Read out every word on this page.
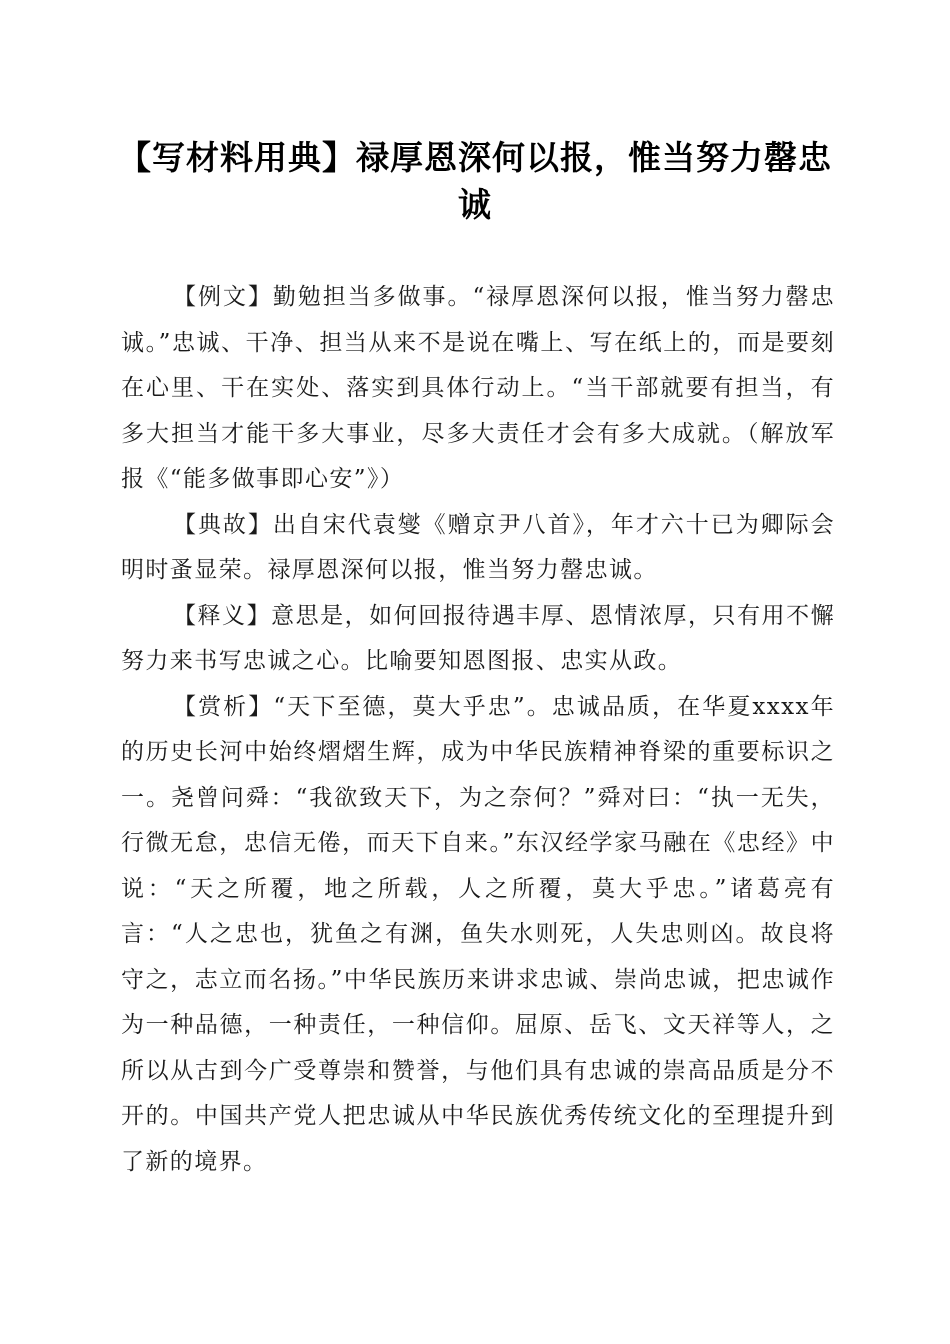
【写材料用典】禄厚恩深何以报，惟当努力罄忠诚

【例文】勤勉担当多做事。“禄厚恩深何以报，惟当努力罄忠诚。”忠诚、干净、担当从来不是说在嘴上、写在纸上的，而是要刻在心里、干在实处、落实到具体行动上。“当干部就要有担当，有多大担当才能干多大事业，尽多大责任才会有多大成就。（解放军报《“能多做事即心安”》）

【典故】出自宋代袁燮《赠京尹八首》，年才六十已为卿际会明时蚤显荣。禄厚恩深何以报，惟当努力罄忠诚。

【释义】意思是，如何回报待遇丰厚、恩情浓厚，只有用不懈努力来书写忠诚之心。比喻要知恩图报、忠实从政。

【赏析】“天下至德，莫大乎忠”。忠诚品质，在华夏xxxx年的历史长河中始终熠熠生辉，成为中华民族精神脊梁的重要标识之一。尧曾问舜：“我欲致天下，为之奈何？”舜对曰：“执一无失，行微无怠，忠信无倦，而天下自来。”东汉经学家马融在《忠经》中说：“天之所覆，地之所载，人之所覆，莫大乎忠。”诸葛亮有言：“人之忠也，犹鱼之有渊，鱼失水则死，人失忠则凶。故良将守之，志立而名扬。”中华民族历来讲求忠诚、崇尚忠诚，把忠诚作为一种品德，一种责任，一种信仰。屈原、岳飞、文天祥等人，之所以从古到今广受尊崇和赞誉，与他们具有忠诚的崇高品质是分不开的。中国共产党人把忠诚从中华民族优秀传统文化的至理提升到了新的境界。
